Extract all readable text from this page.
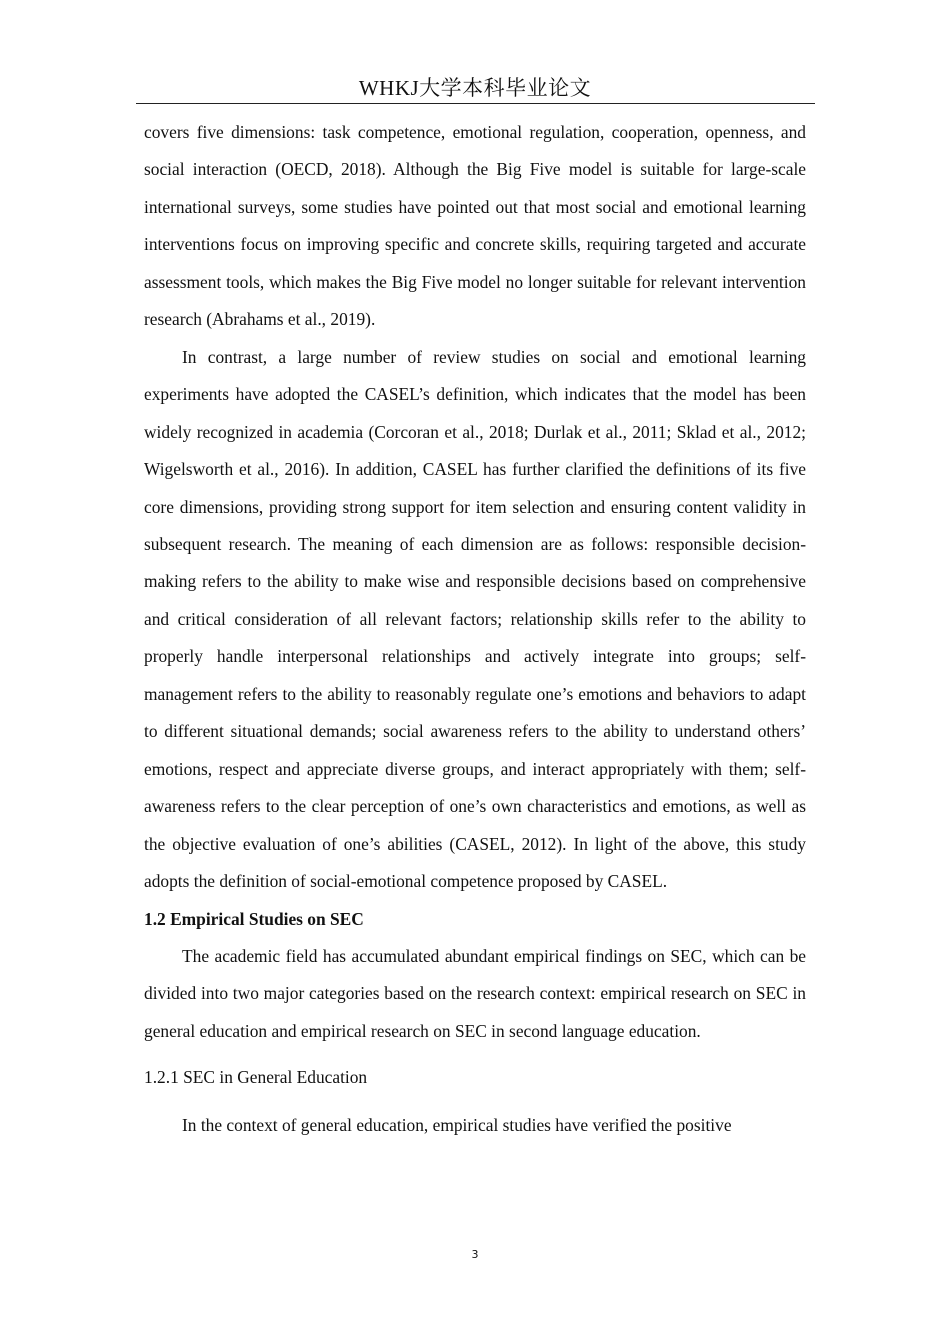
WHKJ大学本科毕业论文

covers five dimensions: task competence, emotional regulation, cooperation, openness, and social interaction (OECD, 2018). Although the Big Five model is suitable for large-scale international surveys, some studies have pointed out that most social and emotional learning interventions focus on improving specific and concrete skills, requiring targeted and accurate assessment tools, which makes the Big Five model no longer suitable for relevant intervention research (Abrahams et al., 2019).

In contrast, a large number of review studies on social and emotional learning experiments have adopted the CASEL’s definition, which indicates that the model has been widely recognized in academia (Corcoran et al., 2018; Durlak et al., 2011; Sklad et al., 2012; Wigelsworth et al., 2016). In addition, CASEL has further clarified the definitions of its five core dimensions, providing strong support for item selection and ensuring content validity in subsequent research. The meaning of each dimension are as follows: responsible decision-making refers to the ability to make wise and responsible decisions based on comprehensive and critical consideration of all relevant factors; relationship skills refer to the ability to properly handle interpersonal relationships and actively integrate into groups; self-management refers to the ability to reasonably regulate one’s emotions and behaviors to adapt to different situational demands; social awareness refers to the ability to understand others’ emotions, respect and appreciate diverse groups, and interact appropriately with them; self-awareness refers to the clear perception of one’s own characteristics and emotions, as well as the objective evaluation of one’s abilities (CASEL, 2012). In light of the above, this study adopts the definition of social-emotional competence proposed by CASEL.

1.2 Empirical Studies on SEC

The academic field has accumulated abundant empirical findings on SEC, which can be divided into two major categories based on the research context: empirical research on SEC in general education and empirical research on SEC in second language education.

1.2.1 SEC in General Education

In the context of general education, empirical studies have verified the positive

3
